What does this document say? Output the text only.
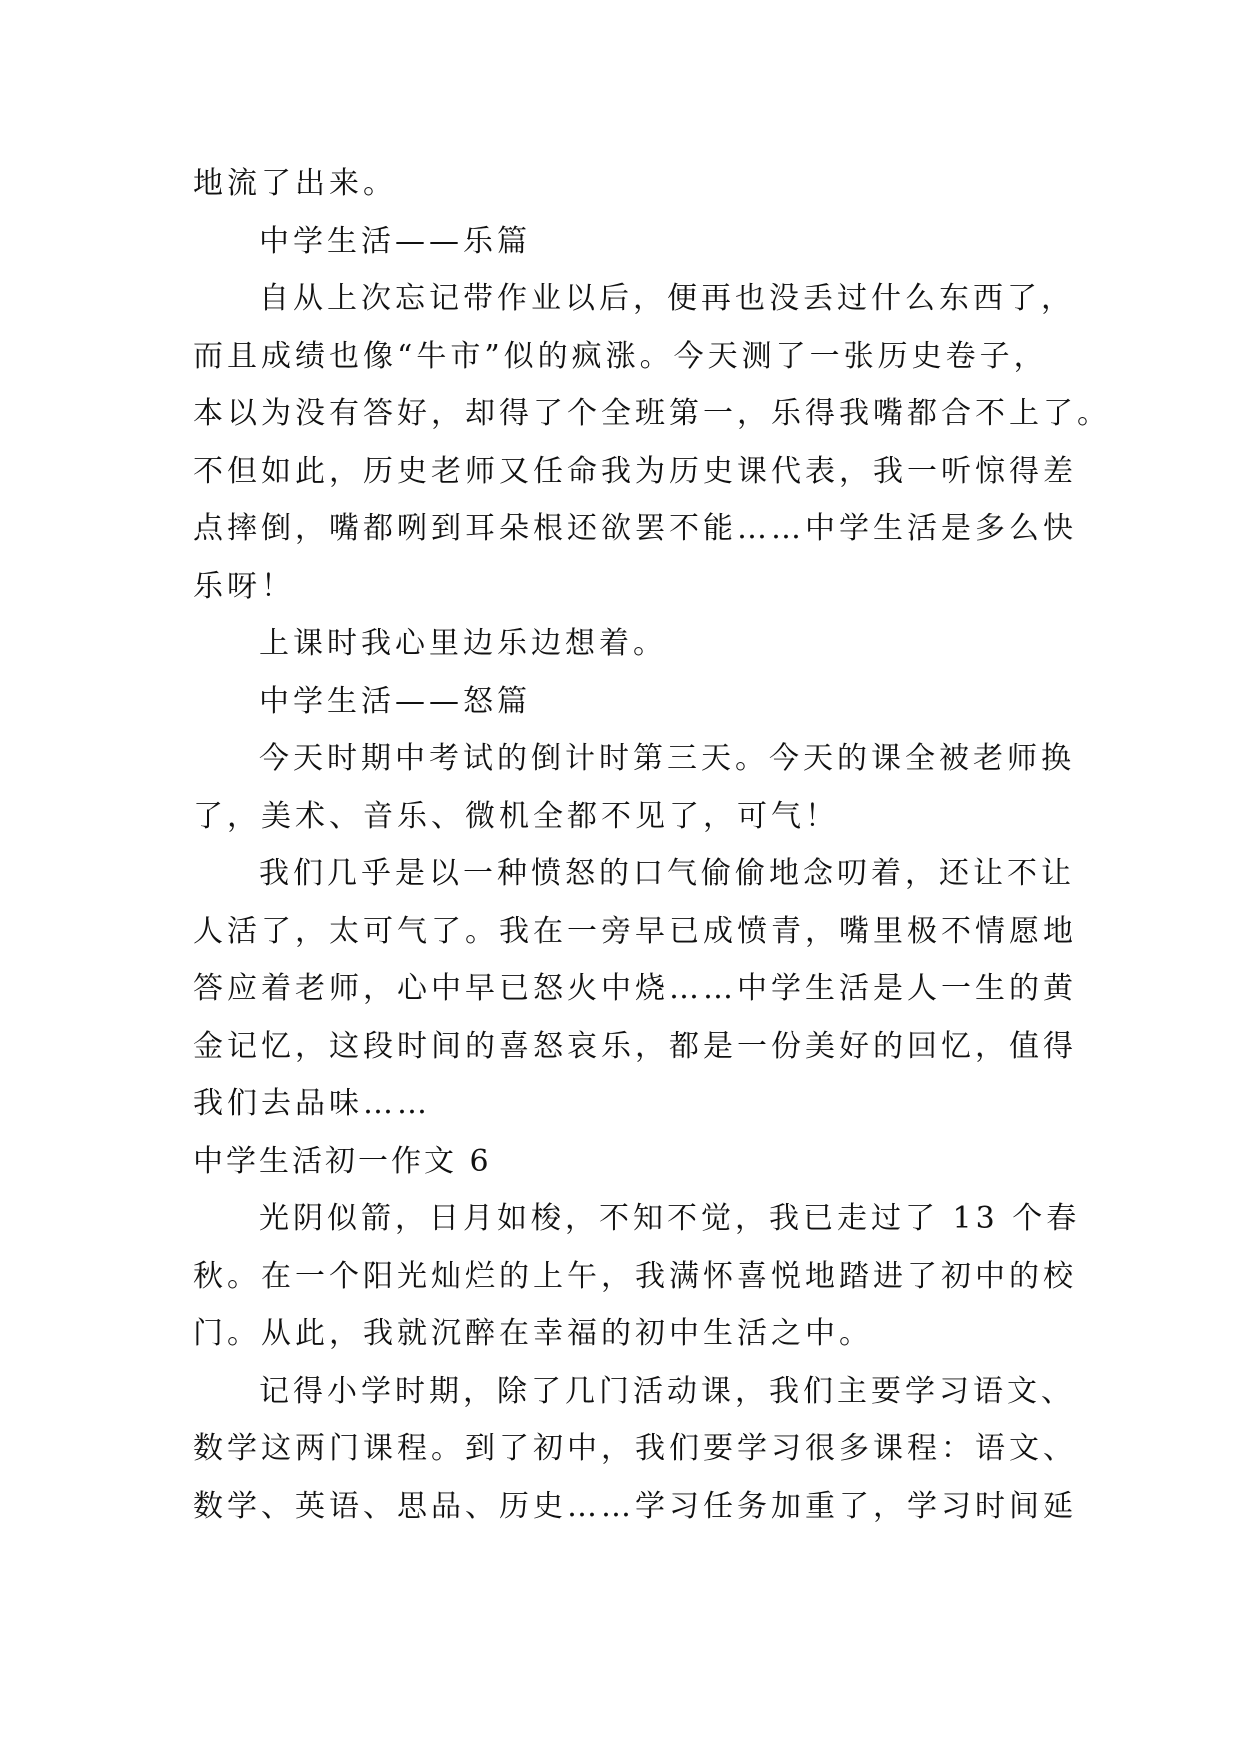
地流了出来。
中学生活——乐篇
自从上次忘记带作业以后，便再也没丢过什么东西了，
而且成绩也像“牛市”似的疯涨。今天测了一张历史卷子，
本以为没有答好，却得了个全班第一，乐得我嘴都合不上了。
不但如此，历史老师又任命我为历史课代表，我一听惊得差
点摔倒，嘴都咧到耳朵根还欲罢不能……中学生活是多么快
乐呀！
上课时我心里边乐边想着。
中学生活——怒篇
今天时期中考试的倒计时第三天。今天的课全被老师换
了，美术、音乐、微机全都不见了，可气！
我们几乎是以一种愤怒的口气偷偷地念叨着，还让不让
人活了，太可气了。我在一旁早已成愤青，嘴里极不情愿地
答应着老师，心中早已怒火中烧……中学生活是人一生的黄
金记忆，这段时间的喜怒哀乐，都是一份美好的回忆，值得
我们去品味……
中学生活初一作文 6
光阴似箭，日月如梭，不知不觉，我已走过了 13 个春
秋。在一个阳光灿烂的上午，我满怀喜悦地踏进了初中的校
门。从此，我就沉醉在幸福的初中生活之中。
记得小学时期，除了几门活动课，我们主要学习语文、
数学这两门课程。到了初中，我们要学习很多课程：语文、
数学、英语、思品、历史……学习任务加重了，学习时间延
